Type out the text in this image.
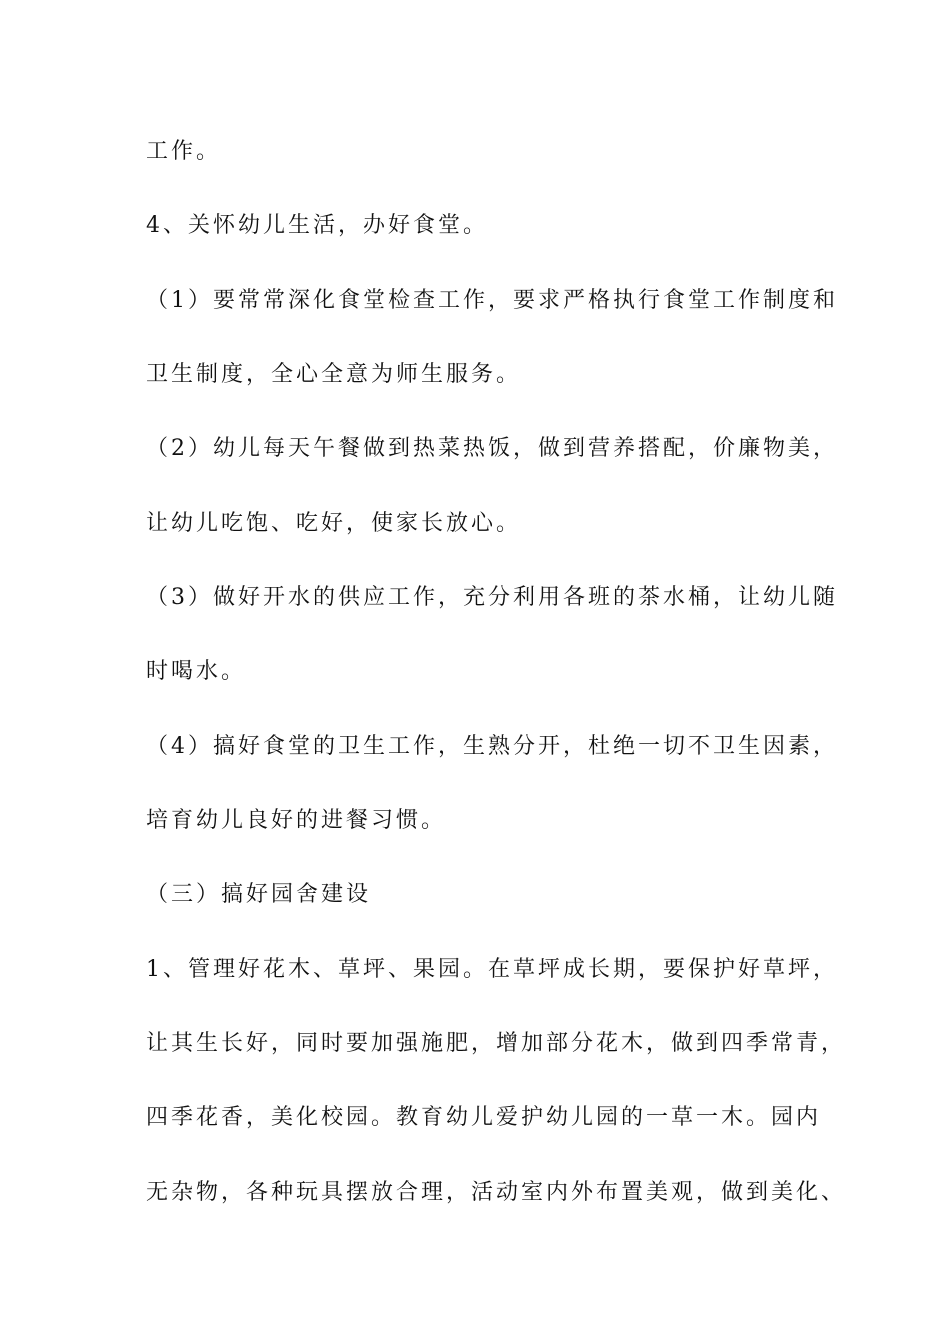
工作。
4、关怀幼儿生活，办好食堂。
（1）要常常深化食堂检查工作，要求严格执行食堂工作制度和
卫生制度，全心全意为师生服务。
（2）幼儿每天午餐做到热菜热饭，做到营养搭配，价廉物美，
让幼儿吃饱、吃好，使家长放心。
（3）做好开水的供应工作，充分利用各班的茶水桶，让幼儿随
时喝水。
（4）搞好食堂的卫生工作，生熟分开，杜绝一切不卫生因素，
培育幼儿良好的进餐习惯。
（三）搞好园舍建设
1、管理好花木、草坪、果园。在草坪成长期，要保护好草坪，
让其生长好，同时要加强施肥，增加部分花木，做到四季常青，
四季花香，美化校园。教育幼儿爱护幼儿园的一草一木。园内
无杂物，各种玩具摆放合理，活动室内外布置美观，做到美化、
